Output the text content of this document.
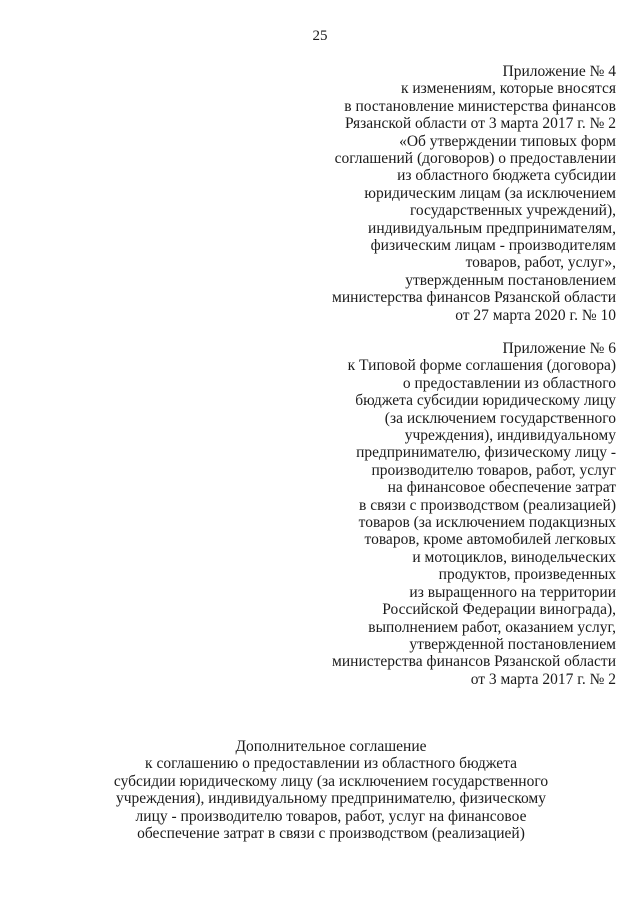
25
Приложение № 4
к изменениям, которые вносятся
в постановление министерства финансов
Рязанской области от 3 марта 2017 г. № 2
«Об утверждении типовых форм
соглашений (договоров) о предоставлении
из областного бюджета субсидии
юридическим лицам (за исключением
государственных учреждений),
индивидуальным предпринимателям,
физическим лицам - производителям
товаров, работ, услуг»,
утвержденным постановлением
министерства финансов Рязанской области
от 27 марта 2020 г. № 10
Приложение № 6
к Типовой форме соглашения (договора)
о предоставлении из областного
бюджета субсидии юридическому лицу
(за исключением государственного
учреждения), индивидуальному
предпринимателю, физическому лицу -
производителю товаров, работ, услуг
на финансовое обеспечение затрат
в связи с производством (реализацией)
товаров (за исключением подакцизных
товаров, кроме автомобилей легковых
и мотоциклов, винодельческих
продуктов, произведенных
из выращенного на территории
Российской Федерации винограда),
выполнением работ, оказанием услуг,
утвержденной постановлением
министерства финансов Рязанской области
от 3 марта 2017 г. № 2
Дополнительное соглашение
к соглашению о предоставлении из областного бюджета
субсидии юридическому лицу (за исключением государственного
учреждения), индивидуальному предпринимателю, физическому
лицу - производителю товаров, работ, услуг на финансовое
обеспечение затрат в связи с производством (реализацией)
